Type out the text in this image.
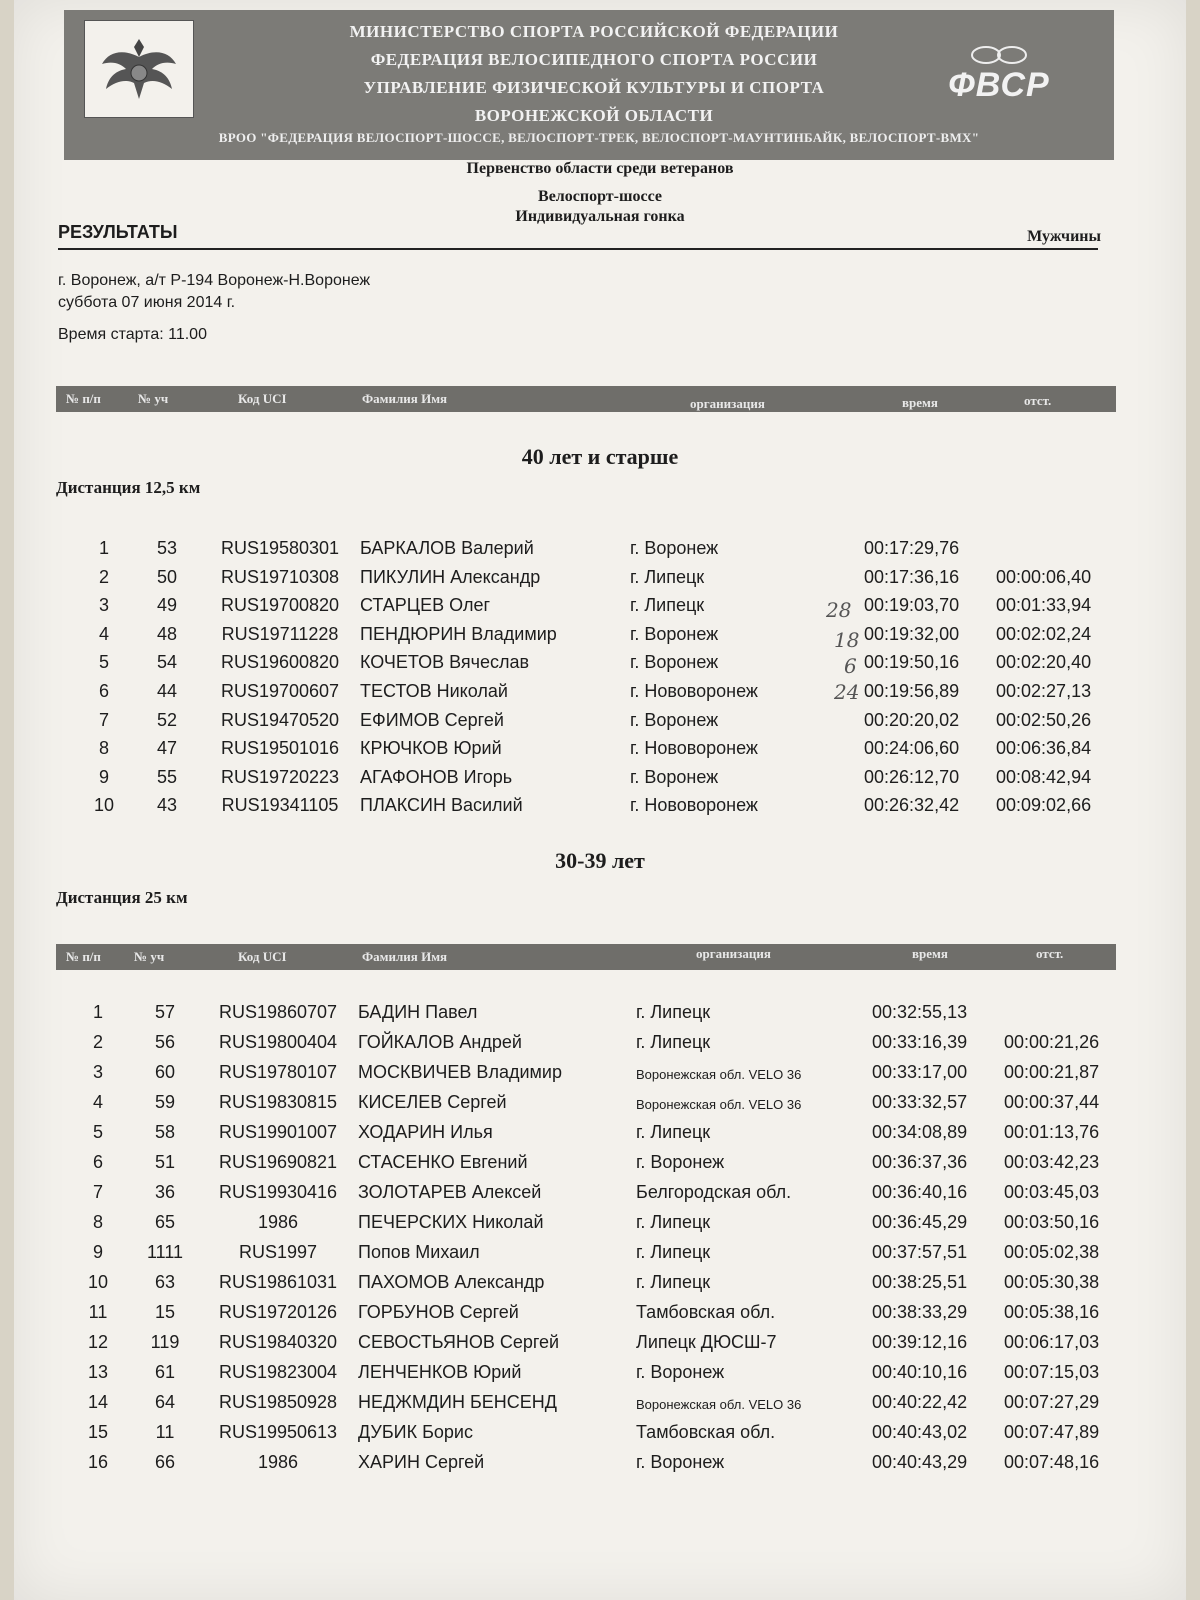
МИНИСТЕРСТВО СПОРТА РОССИЙСКОЙ ФЕДЕРАЦИИ
ФЕДЕРАЦИЯ ВЕЛОСИПЕДНОГО СПОРТА РОССИИ
УПРАВЛЕНИЕ ФИЗИЧЕСКОЙ КУЛЬТУРЫ И СПОРТА
ВОРОНЕЖСКОЙ ОБЛАСТИ
ФВСР
ВРОО "ФЕДЕРАЦИЯ ВЕЛОСПОРТ-ШОССЕ, ВЕЛОСПОРТ-ТРЕК, ВЕЛОСПОРТ-МАУНТИНБАЙК, ВЕЛОСПОРТ-ВМХ"
Первенство области среди ветеранов
Велоспорт-шоссе
Индивидуальная гонка
РЕЗУЛЬТАТЫ	Мужчины
г. Воронеж, а/т Р-194 Воронеж-Н.Воронеж
суббота 07 июня 2014 г.
Время старта: 11.00
№ п/п	№ уч	Код UCI	Фамилия Имя	организация	время	отст.
40 лет и старше
Дистанция 12,5 км
1	53	RUS19580301	БАРКАЛОВ Валерий	г. Воронеж	00:17:29,76
2	50	RUS19710308	ПИКУЛИН Александр	г. Липецк	00:17:36,16 00:00:06,40
3	49	RUS19700820	СТАРЦЕВ Олег	г. Липецк	00:19:03,70 00:01:33,94
4	48	RUS19711228	ПЕНДЮРИН Владимир	г. Воронеж	00:19:32,00 00:02:02,24
5	54	RUS19600820	КОЧЕТОВ Вячеслав	г. Воронеж	00:19:50,16 00:02:20,40
6	44	RUS19700607	ТЕСТОВ Николай	г. Нововоронеж	00:19:56,89 00:02:27,13
7	52	RUS19470520	ЕФИМОВ Сергей	г. Воронеж	00:20:20,02 00:02:50,26
8	47	RUS19501016	КРЮЧКОВ Юрий	г. Нововоронеж	00:24:06,60 00:06:36,84
9	55	RUS19720223	АГАФОНОВ Игорь	г. Воронеж	00:26:12,70 00:08:42,94
10	43	RUS19341105	ПЛАКСИН Василий	г. Нововоронеж	00:26:32,42 00:09:02,66
28
18
6
24
30-39 лет
Дистанция 25 км
№ п/п	№ уч	Код UCI	Фамилия Имя	организация	время	отст.
1	57	RUS19860707	БАДИН Павел	г. Липецк	00:32:55,13
2	56	RUS19800404	ГОЙКАЛОВ Андрей	г. Липецк	00:33:16,39 00:00:21,26
3	60	RUS19780107	МОСКВИЧЕВ Владимир	Воронежская обл. VELO 36	00:33:17,00 00:00:21,87
4	59	RUS19830815	КИСЕЛЕВ Сергей	Воронежская обл. VELO 36	00:33:32,57 00:00:37,44
5	58	RUS19901007	ХОДАРИН Илья	г. Липецк	00:34:08,89 00:01:13,76
6	51	RUS19690821	СТАСЕНКО Евгений	г. Воронеж	00:36:37,36 00:03:42,23
7	36	RUS19930416	ЗОЛОТАРЕВ Алексей	Белгородская обл.	00:36:40,16 00:03:45,03
8	65	1986	ПЕЧЕРСКИХ Николай	г. Липецк	00:36:45,29 00:03:50,16
9	1111	RUS1997	Попов Михаил	г. Липецк	00:37:57,51 00:05:02,38
10	63	RUS19861031	ПАХОМОВ Александр	г. Липецк	00:38:25,51 00:05:30,38
11	15	RUS19720126	ГОРБУНОВ Сергей	Тамбовская обл.	00:38:33,29 00:05:38,16
12	119	RUS19840320	СЕВОСТЬЯНОВ Сергей	Липецк ДЮСШ-7	00:39:12,16 00:06:17,03
13	61	RUS19823004	ЛЕНЧЕНКОВ Юрий	г. Воронеж	00:40:10,16 00:07:15,03
14	64	RUS19850928	НЕДЖМДИН БЕНСЕНД	Воронежская обл. VELO 36	00:40:22,42 00:07:27,29
15	11	RUS19950613	ДУБИК Борис	Тамбовская обл.	00:40:43,02 00:07:47,89
16	66	1986	ХАРИН Сергей	г. Воронеж	00:40:43,29 00:07:48,16
